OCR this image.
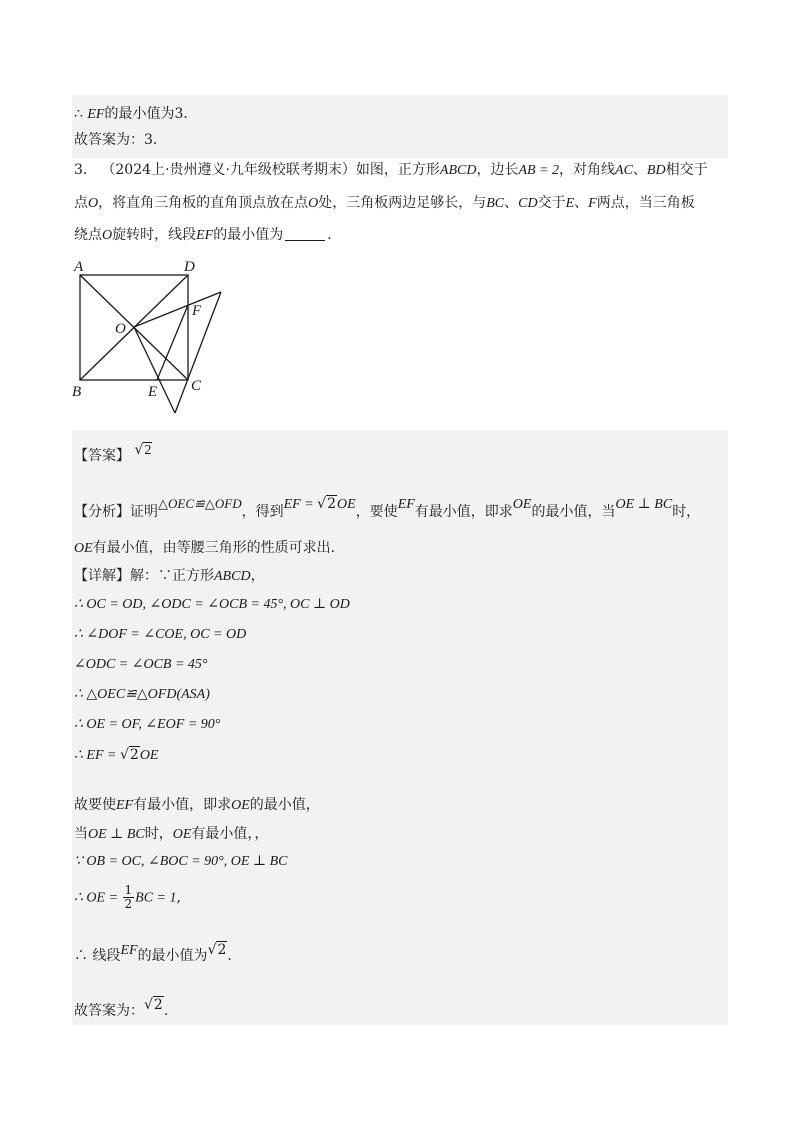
∴ EF的最小值为3．
故答案为：3．
3． （2024上·贵州遵义·九年级校联考期末）如图，正方形ABCD，边长AB = 2，对角线AC、BD相交于
点O，将直角三角板的直角顶点放在点O处，三角板两边足够长，与BC、CD交于E、F两点，当三角板
绕点O旋转时，线段EF的最小值为	．
A	D
O
F
B	E C
【答案】 √2
【分析】证明△OEC≌△OFD，得到EF = √2OE，要使EF有最小值，即求OE的最小值，当OE ⊥ BC时，
OE有最小值，由等腰三角形的性质可求出．
【详解】解：∵正方形ABCD，
∴ OC = OD, ∠ODC = ∠OCB = 45°, OC ⊥ OD
∴ ∠DOF = ∠COE, OC = OD
∠ODC = ∠OCB = 45°
∴ △OEC≌△OFD(ASA)
∴ OE = OF, ∠EOF = 90°
∴ EF = √2OE
故要使EF有最小值，即求OE的最小值，
当OE ⊥ BC时，OE有最小值，，
∵ OB = OC, ∠BOC = 90°, OE ⊥ BC
∴ OE = $\frac{1}{2}$ BC = 1,
∴ 线段EF的最小值为√2.
故答案为：√2.
